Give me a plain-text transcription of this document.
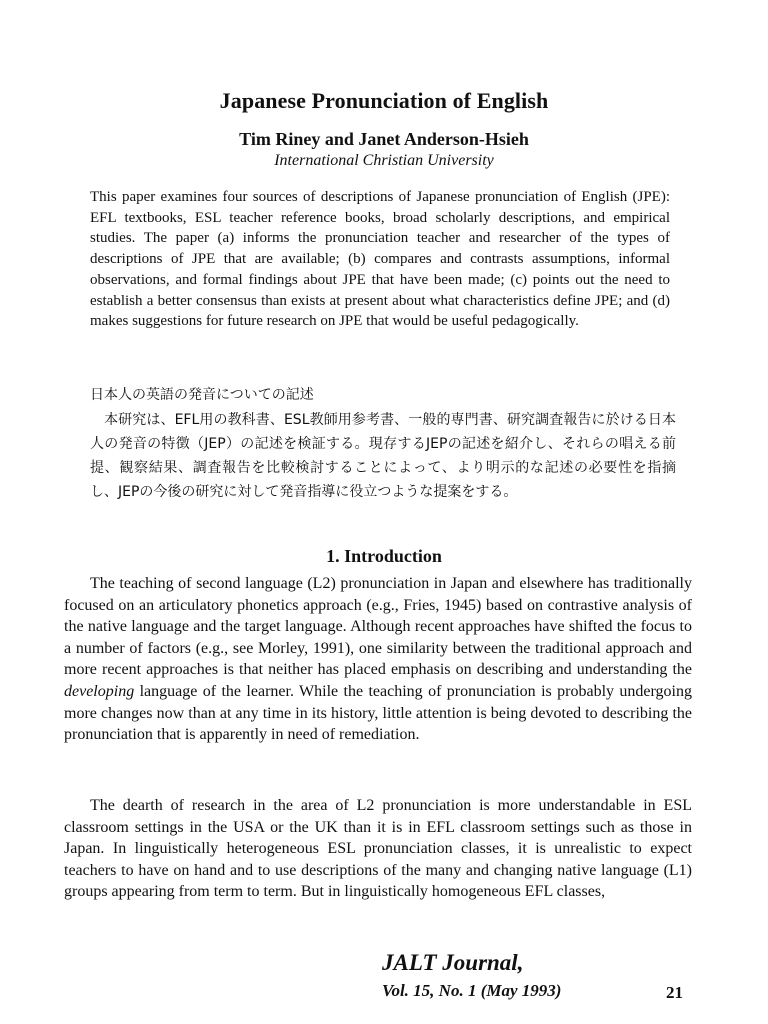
Japanese Pronunciation of English
Tim Riney and Janet Anderson-Hsieh
International Christian University
This paper examines four sources of descriptions of Japanese pronunciation of English (JPE): EFL textbooks, ESL teacher reference books, broad scholarly descriptions, and empirical studies. The paper (a) informs the pronunciation teacher and researcher of the types of descriptions of JPE that are available; (b) compares and contrasts assumptions, informal observations, and formal findings about JPE that have been made; (c) points out the need to establish a better consensus than exists at present about what characteristics define JPE; and (d) makes suggestions for future research on JPE that would be useful pedagogically.
日本人の英語の発音についての記述

　本研究は、EFL用の教科書、ESL教師用参考書、一般的専門書、研究調査報告に於ける日本人の発音の特徴（JEP）の記述を検証する。現存するJEPの記述を紹介し、それらの唱える前提、観察結果、調査報告を比較検討することによって、より明示的な記述の必要性を指摘し、JEPの今後の研究に対して発音指導に役立つような提案をする。

1. Introduction

The teaching of second language (L2) pronunciation in Japan and elsewhere has traditionally focused on an articulatory phonetics approach (e.g., Fries, 1945) based on contrastive analysis of the native language and the target language. Although recent approaches have shifted the focus to a number of factors (e.g., see Morley, 1991), one similarity between the traditional approach and more recent approaches is that neither has placed emphasis on describing and understanding the developing language of the learner. While the teaching of pronunciation is probably undergoing more changes now than at any time in its history, little attention is being devoted to describing the pronunciation that is apparently in need of remediation.

The dearth of research in the area of L2 pronunciation is more understandable in ESL classroom settings in the USA or the UK than it is in EFL classroom settings such as those in Japan. In linguistically heterogeneous ESL pronunciation classes, it is unrealistic to expect teachers to have on hand and to use descriptions of the many and changing native language (L1) groups appearing from term to term. But in linguistically homogeneous EFL classes,

JALT Journal,
Vol. 15, No. 1 (May 1993)	21
